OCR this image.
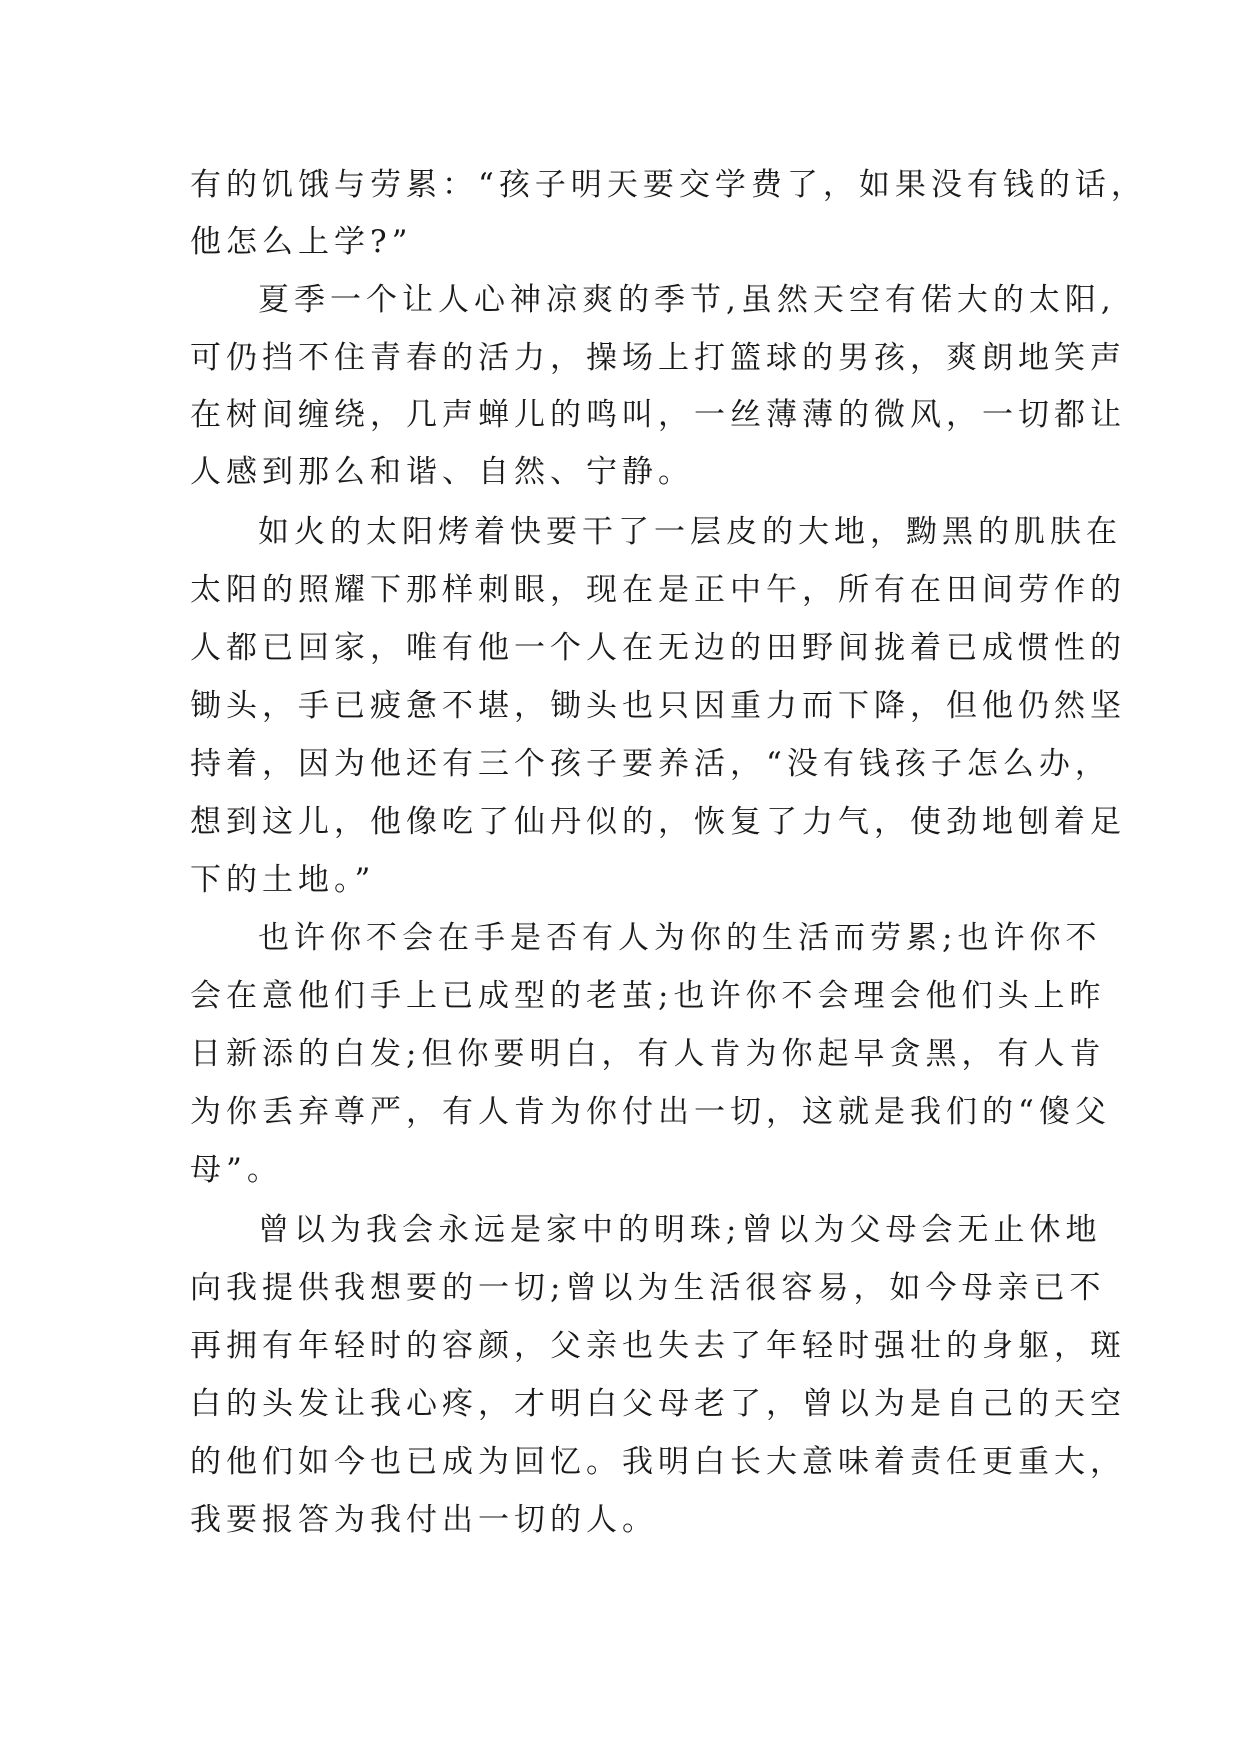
有的饥饿与劳累：“孩子明天要交学费了，如果没有钱的话，
他怎么上学?”
夏季一个让人心神凉爽的季节,虽然天空有偌大的太阳,
可仍挡不住青春的活力，操场上打篮球的男孩，爽朗地笑声
在树间缠绕，几声蝉儿的鸣叫，一丝薄薄的微风，一切都让
人感到那么和谐、自然、宁静。
如火的太阳烤着快要干了一层皮的大地，黝黑的肌肤在
太阳的照耀下那样刺眼，现在是正中午，所有在田间劳作的
人都已回家，唯有他一个人在无边的田野间拢着已成惯性的
锄头，手已疲惫不堪，锄头也只因重力而下降，但他仍然坚
持着，因为他还有三个孩子要养活，“没有钱孩子怎么办，
想到这儿，他像吃了仙丹似的，恢复了力气，使劲地刨着足
下的土地。”
也许你不会在手是否有人为你的生活而劳累;也许你不
会在意他们手上已成型的老茧;也许你不会理会他们头上昨
日新添的白发;但你要明白，有人肯为你起早贪黑，有人肯
为你丢弃尊严，有人肯为你付出一切，这就是我们的“傻父
母”。
曾以为我会永远是家中的明珠;曾以为父母会无止休地
向我提供我想要的一切;曾以为生活很容易，如今母亲已不
再拥有年轻时的容颜，父亲也失去了年轻时强壮的身躯，斑
白的头发让我心疼，才明白父母老了，曾以为是自己的天空
的他们如今也已成为回忆。我明白长大意味着责任更重大，
我要报答为我付出一切的人。
